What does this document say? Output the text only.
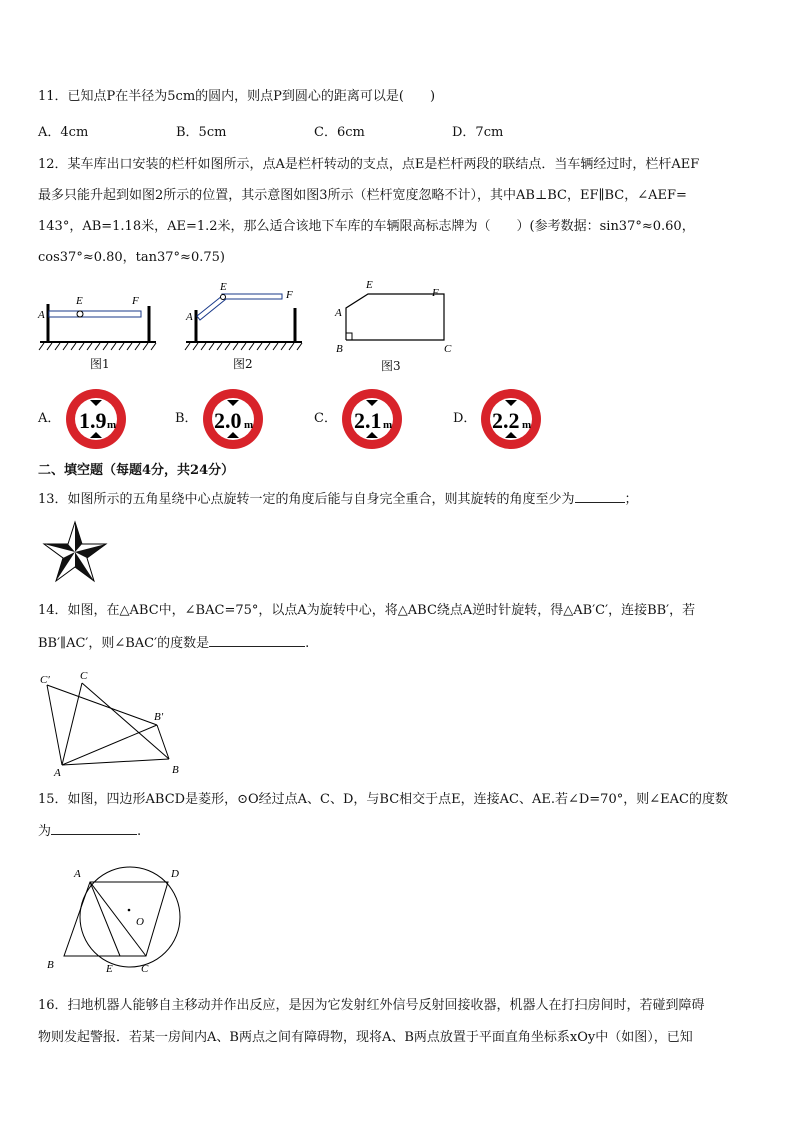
11．已知点P在半径为5cm的圆内，则点P到圆心的距离可以是(　　)
A．4cm	B．5cm	C．6cm	D．7cm
12．某车库出口安装的栏杆如图所示，点A是栏杆转动的支点，点E是栏杆两段的联结点．当车辆经过时，栏杆AEF
最多只能升起到如图2所示的位置，其示意图如图3所示（栏杆宽度忽略不计），其中AB⊥BC，EF∥BC，∠AEF=
143°，AB=1.18米，AE=1.2米，那么适合该地下车库的车辆限高标志牌为（　　）(参考数据：sin37°≈0.60，
cos37°≈0.80，tan37°≈0.75)
A
E	F
图1
A
E
F
图2
A
E
F
B	C
图3
A． 1.9 m	B． 2.0 m	C． 2.1 m	D． 2.2 m
二、填空题（每题4分，共24分）
13．如图所示的五角星绕中心点旋转一定的角度后能与自身完全重合，则其旋转的角度至少为	；
14．如图，在△ABC中，∠BAC=75°，以点A为旋转中心，将△ABC绕点A逆时针旋转，得△AB′C′，连接BB′，若
BB′∥AC′，则∠BAC′的度数是	.
C′	C
B′
A	B
15．如图，四边形ABCD是菱形，⊙O经过点A、C、D，与BC相交于点E，连接AC、AE.若∠D=70°，则∠EAC的度数
为	.
A	D
O
B	E	C
16．扫地机器人能够自主移动并作出反应，是因为它发射红外信号反射回接收器，机器人在打扫房间时，若碰到障碍
物则发起警报．若某一房间内A、B两点之间有障碍物，现将A、B两点放置于平面直角坐标系xOy中（如图），已知
